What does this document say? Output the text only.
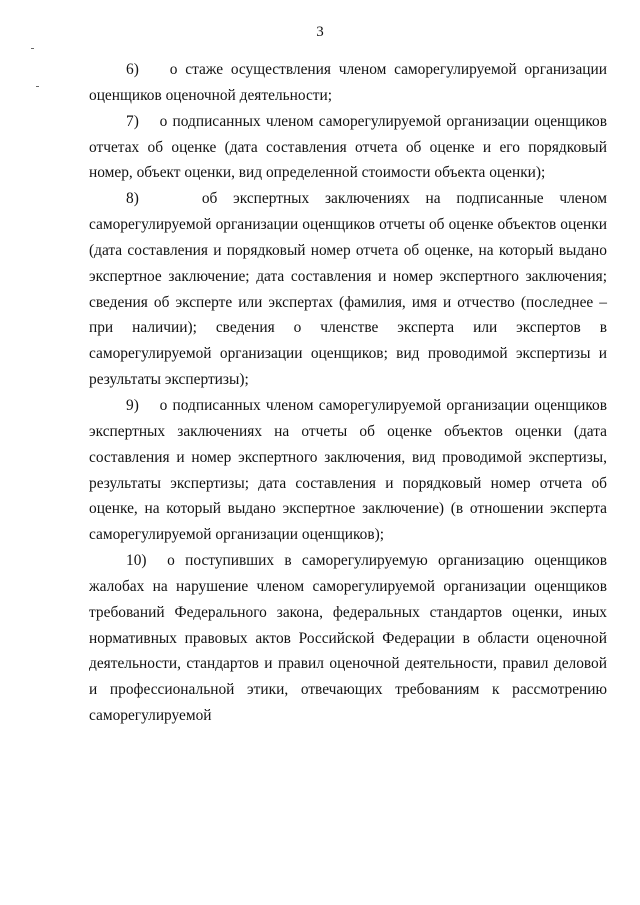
3

6) о стаже осуществления членом саморегулируемой организации оценщиков оценочной деятельности;

7) о подписанных членом саморегулируемой организации оценщиков отчетах об оценке (дата составления отчета об оценке и его порядковый номер, объект оценки, вид определенной стоимости объекта оценки);

8)	об экспертных заключениях на подписанные членом саморегулируемой организации оценщиков отчеты об оценке объектов оценки (дата составления и порядковый номер отчета об оценке, на который выдано экспертное заключение; дата составления и номер экспертного заключения; сведения об эксперте или экспертах (фамилия, имя и отчество (последнее – при наличии); сведения о членстве эксперта или экспертов в саморегулируемой организации оценщиков; вид проводимой экспертизы и результаты экспертизы);

9) о подписанных членом саморегулируемой организации оценщиков экспертных заключениях на отчеты об оценке объектов оценки (дата составления и номер экспертного заключения, вид проводимой экспертизы, результаты экспертизы; дата составления и порядковый номер отчета об оценке, на который выдано экспертное заключение) (в отношении эксперта саморегулируемой организации оценщиков);

10) о поступивших в саморегулируемую организацию оценщиков жалобах на нарушение членом саморегулируемой организации оценщиков требований Федерального закона, федеральных стандартов оценки, иных нормативных правовых актов Российской Федерации в области оценочной деятельности, стандартов и правил оценочной деятельности, правил деловой и профессиональной этики, отвечающих требованиям к рассмотрению саморегулируемой
